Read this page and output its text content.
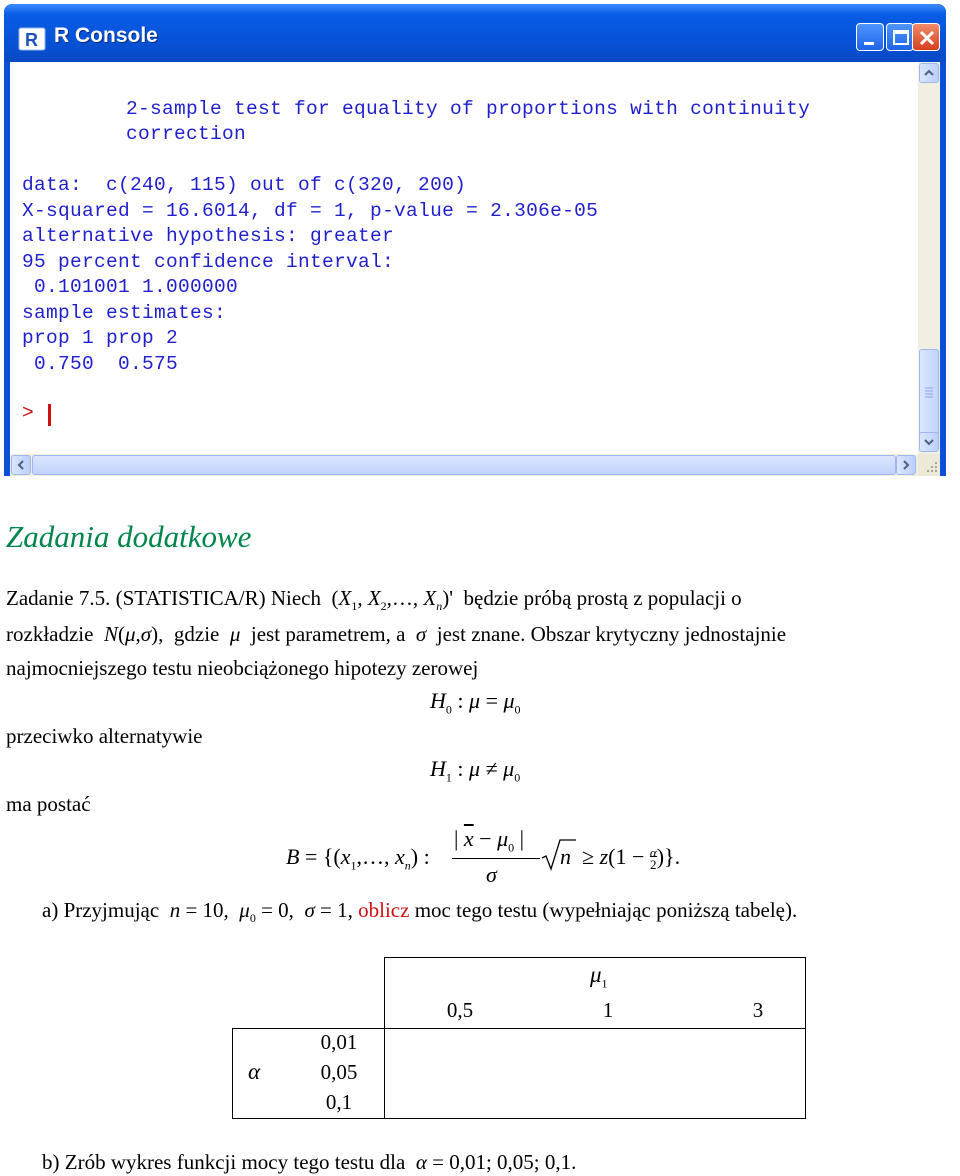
R R Console
2-sample test for equality of proportions with continuity
correction
data:  c(240, 115) out of c(320, 200)
X-squared = 16.6014, df = 1, p-value = 2.306e-05
alternative hypothesis: greater
95 percent confidence interval:
0.101001 1.000000
sample estimates:
prop 1 prop 2
0.750  0.575
>
Zadania dodatkowe
Zadanie 7.5. (STATISTICA/R) Niech  ($X_1$, $X_2,\dots$, $X_n)'$  będzie próbą prostą z populacji o
rozkładzie N(μ,σ),  gdzie  μ  jest parametrem, a  σ  jest znane. Obszar krytyczny jednostajnie
najmocniejszego testu nieobciążonego hipotezy zerowej
$H_0$ : $\mu = \mu_0$
przeciwko alternatywie
$H_1$ : $\mu \ne \mu_0$
ma postać
$B = \{(x_1,\dots$, $x_n$) :
| $\overline{x} - \mu_0$ |
σ
n  ≥ z(1 − α
2)}.
a) Przyjmując  n = 10,  $\mu_0 = 0$,  σ = 1, oblicz moc tego testu (wypełniając poniższą tabelę).
$\mu_1$
0,5	1	3
α
0,01
0,05
0,1
b) Zrób wykres funkcji mocy tego testu dla  α = 0,01; 0,05; 0,1.
